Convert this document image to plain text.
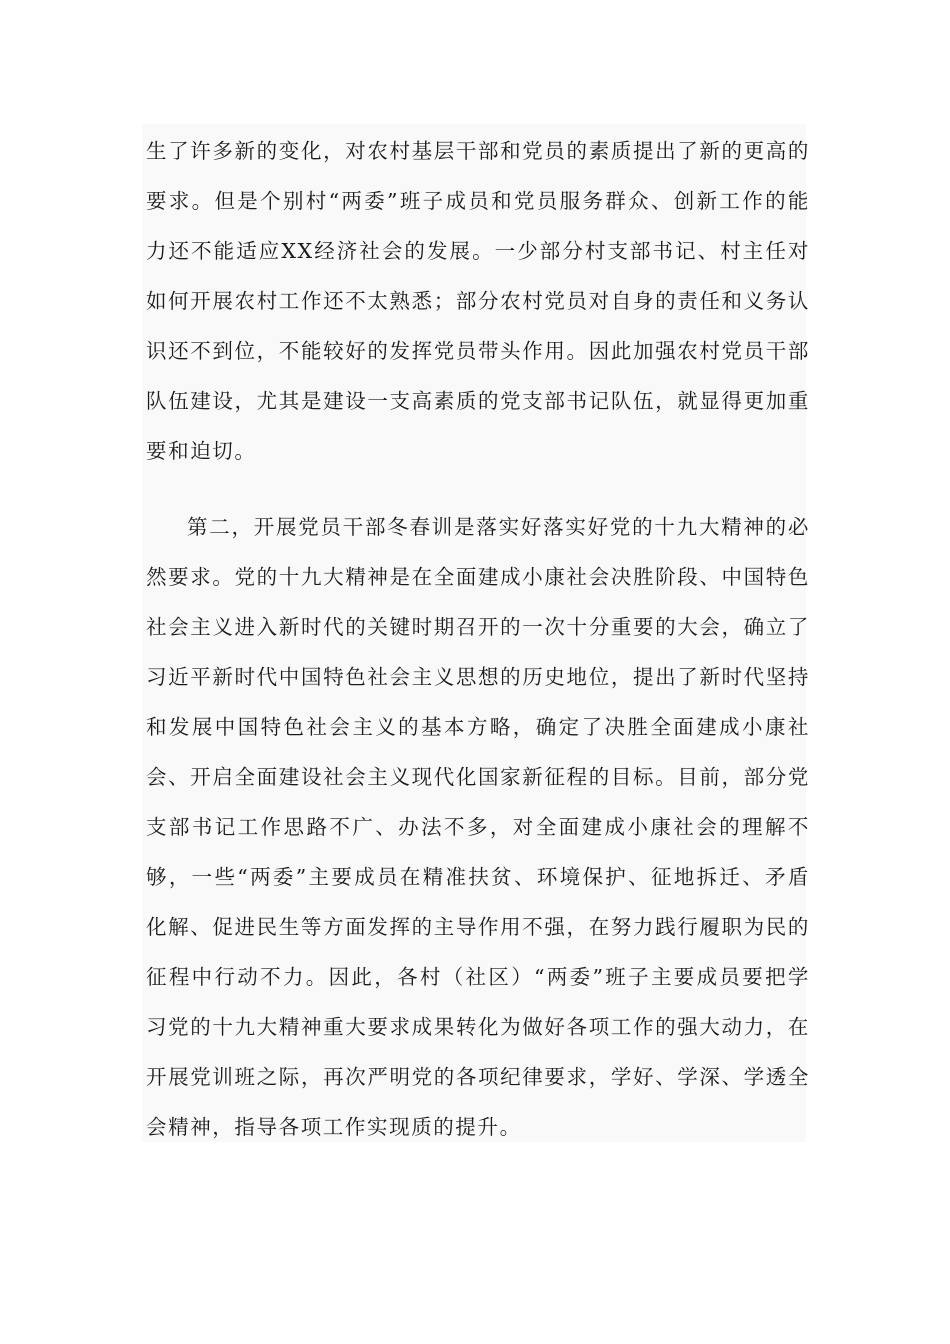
生了许多新的变化，对农村基层干部和党员的素质提出了新的更高的要求。但是个别村“两委”班子成员和党员服务群众、创新工作的能力还不能适应XX经济社会的发展。一少部分村支部书记、村主任对如何开展农村工作还不太熟悉；部分农村党员对自身的责任和义务认识还不到位，不能较好的发挥党员带头作用。因此加强农村党员干部队伍建设，尤其是建设一支高素质的党支部书记队伍，就显得更加重要和迫切。

第二，开展党员干部冬春训是落实好落实好党的十九大精神的必然要求。党的十九大精神是在全面建成小康社会决胜阶段、中国特色社会主义进入新时代的关键时期召开的一次十分重要的大会，确立了习近平新时代中国特色社会主义思想的历史地位，提出了新时代坚持和发展中国特色社会主义的基本方略，确定了决胜全面建成小康社会、开启全面建设社会主义现代化国家新征程的目标。目前，部分党支部书记工作思路不广、办法不多，对全面建成小康社会的理解不够，一些“两委”主要成员在精准扶贫、环境保护、征地拆迁、矛盾化解、促进民生等方面发挥的主导作用不强，在努力践行履职为民的征程中行动不力。因此，各村（社区）“两委”班子主要成员要把学习党的十九大精神重大要求成果转化为做好各项工作的强大动力，在开展党训班之际，再次严明党的各项纪律要求，学好、学深、学透全会精神，指导各项工作实现质的提升。
